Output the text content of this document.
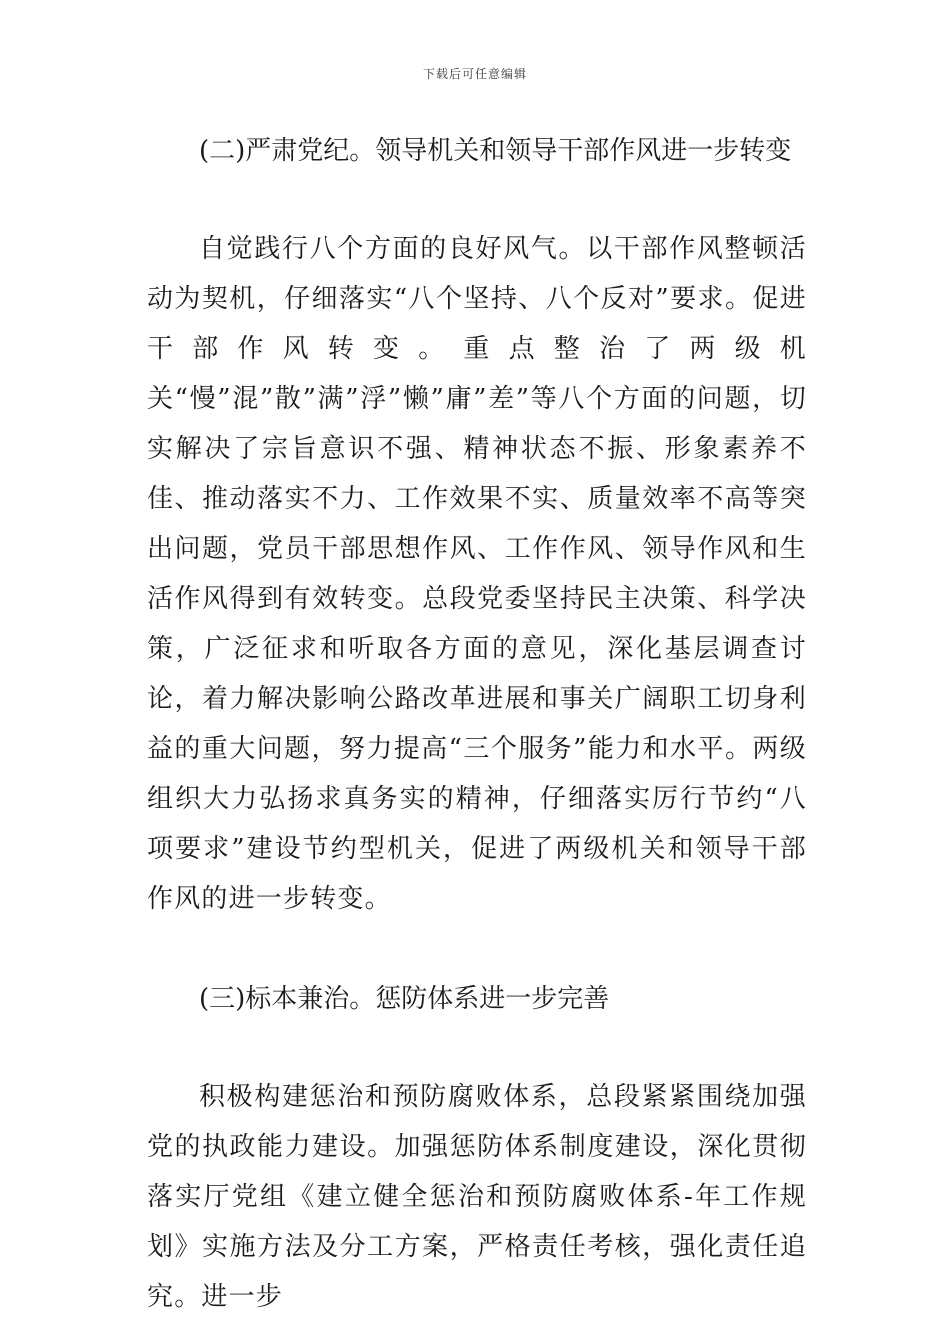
下载后可任意编辑
(二)严肃党纪。领导机关和领导干部作风进一步转变

自觉践行八个方面的良好风气。以干部作风整顿活动为契机，仔细落实“八个坚持、八个反对”要求。促进干部作风转变。重点整治了两级机关“慢”混”散”满”浮”懒”庸”差”等八个方面的问题，切实解决了宗旨意识不强、精神状态不振、形象素养不佳、推动落实不力、工作效果不实、质量效率不高等突出问题，党员干部思想作风、工作作风、领导作风和生活作风得到有效转变。总段党委坚持民主决策、科学决策，广泛征求和听取各方面的意见，深化基层调查讨论，着力解决影响公路改革进展和事关广阔职工切身利益的重大问题，努力提高“三个服务”能力和水平。两级组织大力弘扬求真务实的精神，仔细落实厉行节约“八项要求”建设节约型机关，促进了两级机关和领导干部作风的进一步转变。

(三)标本兼治。惩防体系进一步完善

积极构建惩治和预防腐败体系，总段紧紧围绕加强党的执政能力建设。加强惩防体系制度建设，深化贯彻落实厅党组《建立健全惩治和预防腐败体系-年工作规划》实施方法及分工方案，严格责任考核，强化责任追究。进一步
